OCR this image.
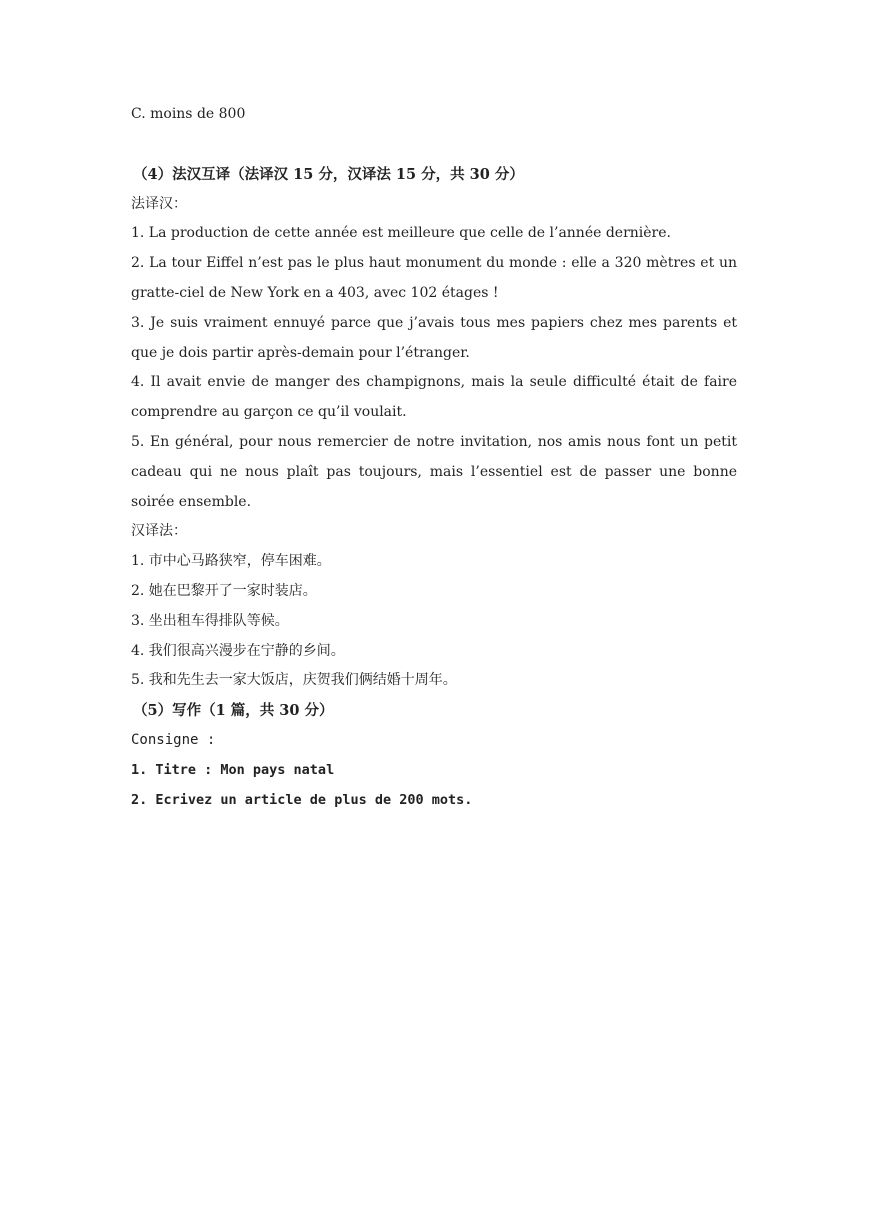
C. moins de 800
（4）法汉互译（法译汉 15 分，汉译法 15 分，共 30 分）
法译汉：
1. La production de cette année est meilleure que celle de l’année dernière.
2. La tour Eiffel n’est pas le plus haut monument du monde : elle a 320 mètres et un gratte-ciel de New York en a 403, avec 102 étages !
3. Je suis vraiment ennuyé parce que j’avais tous mes papiers chez mes parents et que je dois partir après-demain pour l’étranger.
4. Il avait envie de manger des champignons, mais la seule difficulté était de faire comprendre au garçon ce qu’il voulait.
5. En général, pour nous remercier de notre invitation, nos amis nous font un petit cadeau qui ne nous plaît pas toujours, mais l’essentiel est de passer une bonne soirée ensemble.
汉译法：
1. 市中心马路狭窄，停车困难。
2. 她在巴黎开了一家时装店。
3. 坐出租车得排队等候。
4. 我们很高兴漫步在宁静的乡间。
5. 我和先生去一家大饭店，庆贺我们俩结婚十周年。
（5）写作（1 篇，共 30 分）
Consigne :
1. Titre : Mon pays natal
2. Ecrivez un article de plus de 200 mots.
